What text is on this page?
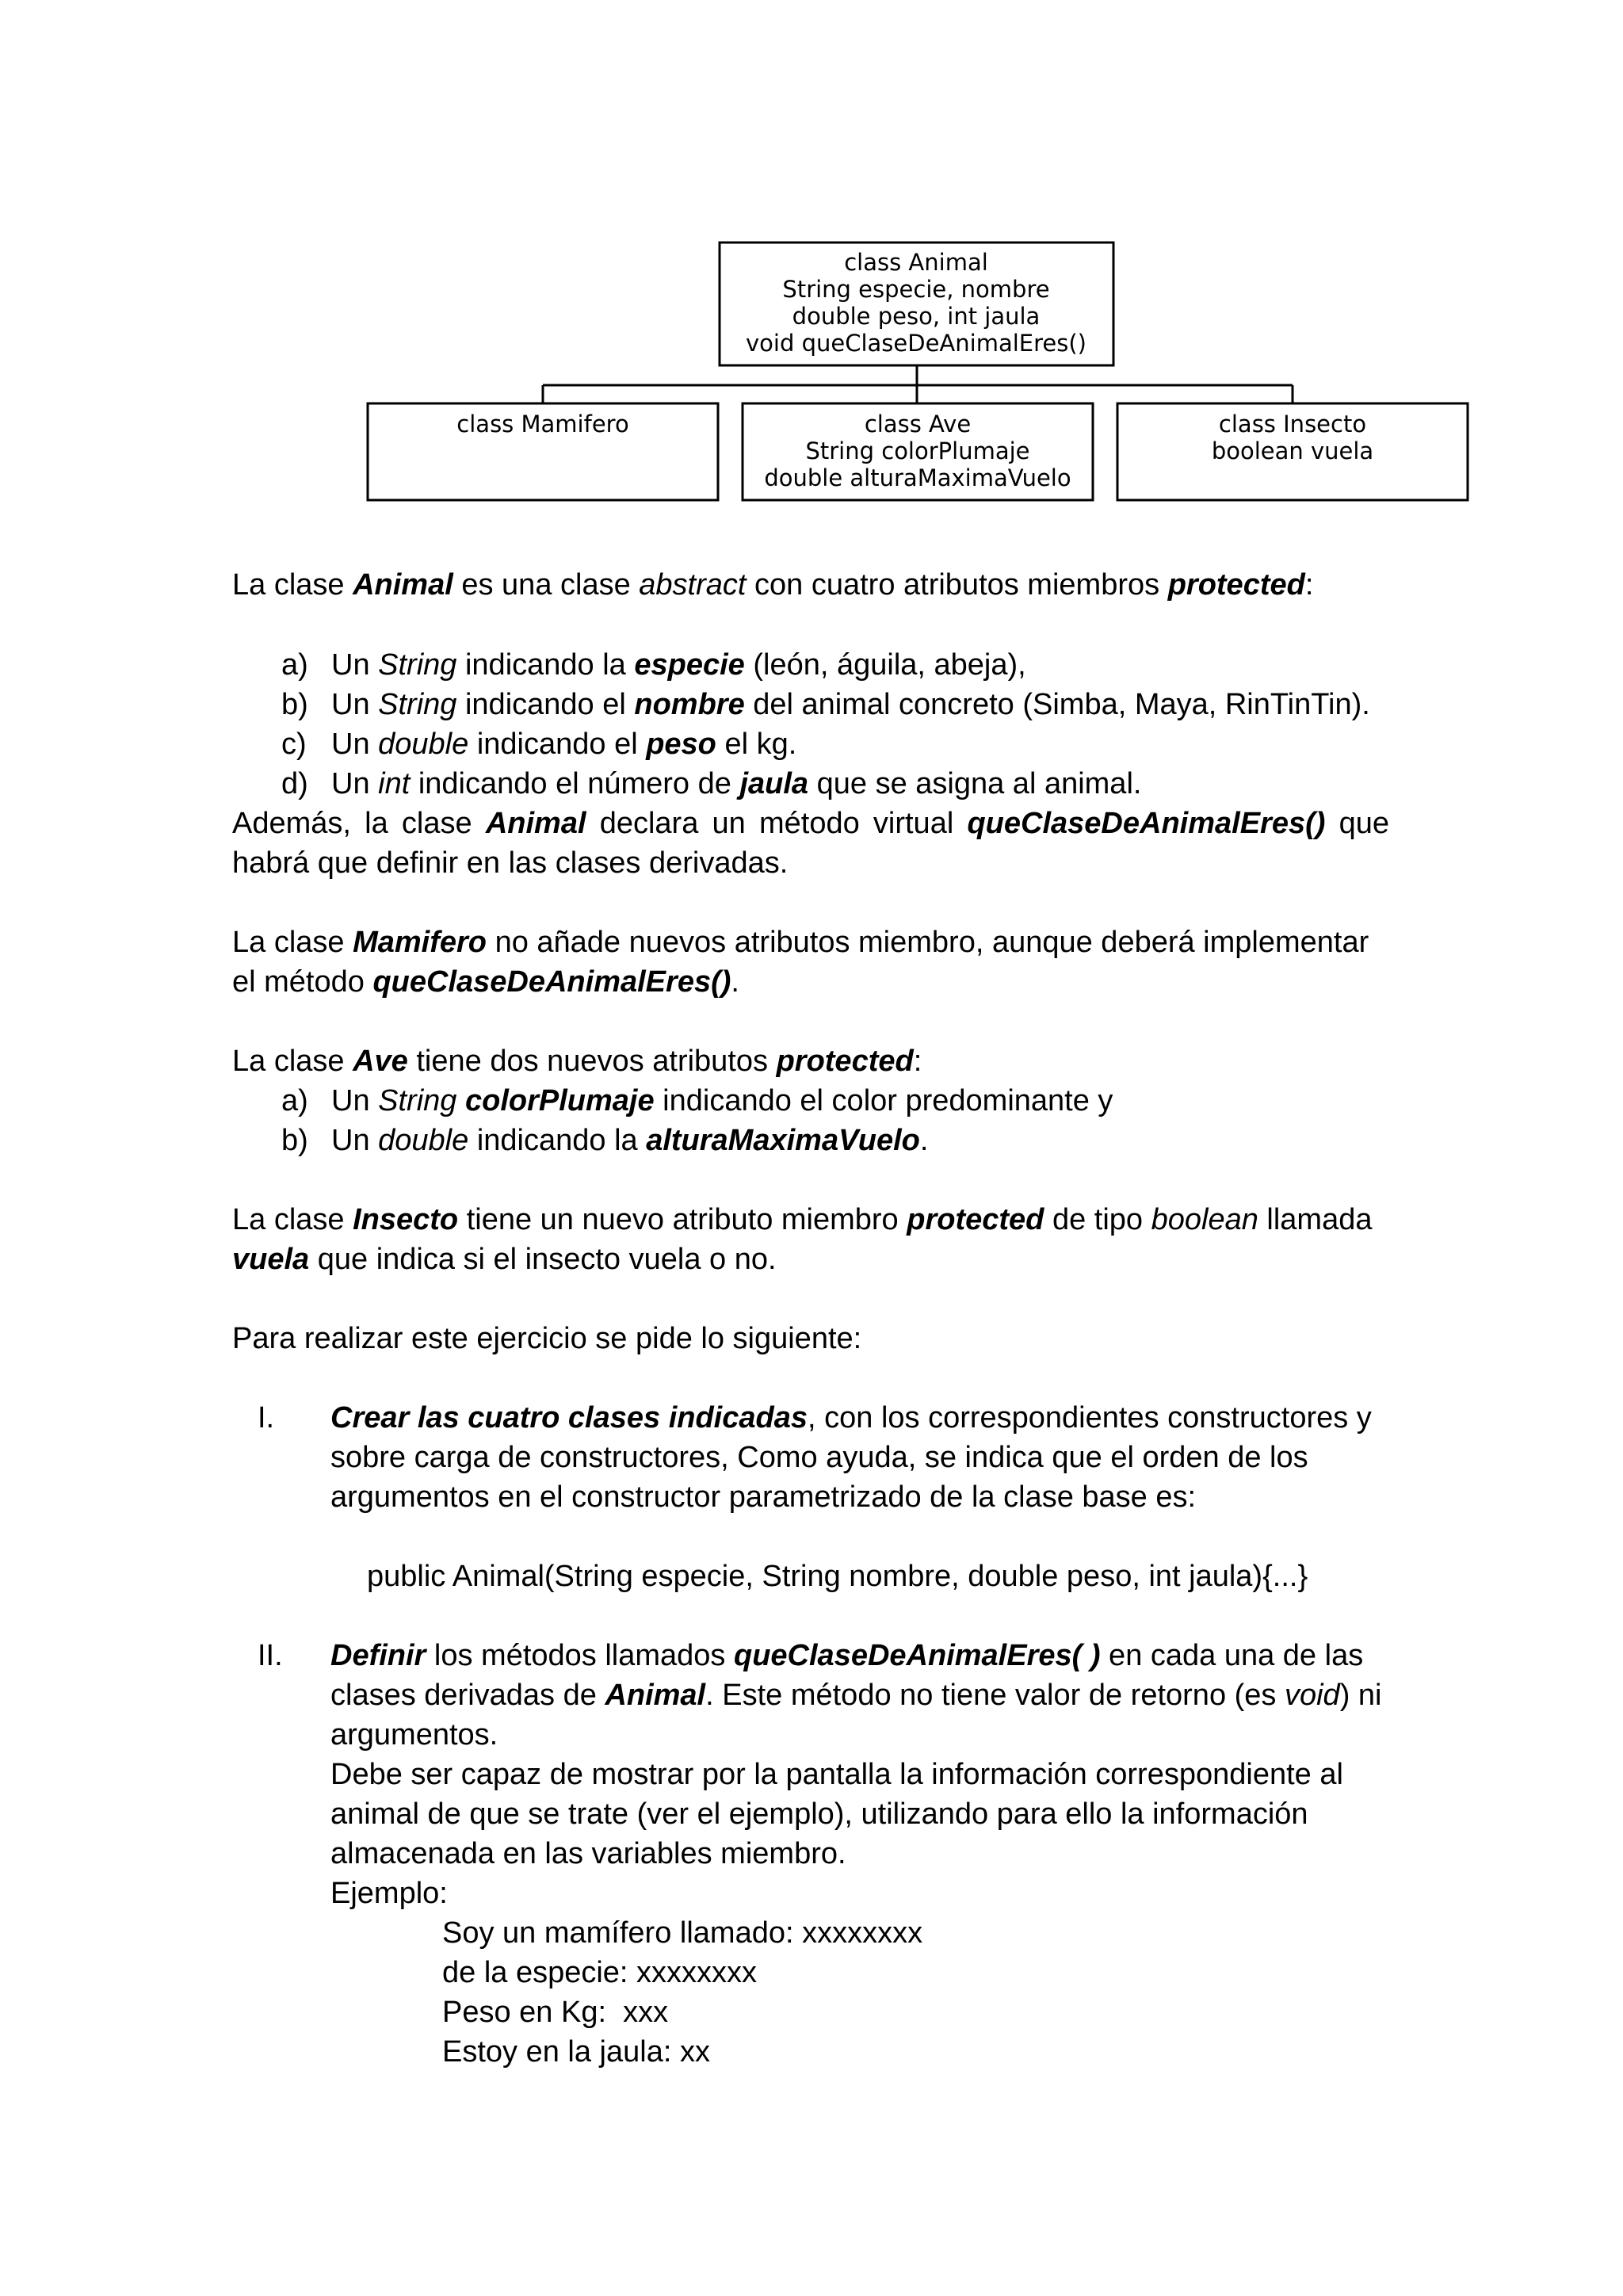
class Animal
String especie, nombre
double peso, int jaula
void queClaseDeAnimalEres()
class Mamifero	class Ave
String colorPlumaje
double alturaMaximaVuelo
class Insecto
boolean vuela

La clase Animal es una clase abstract con cuatro atributos miembros protected:

a) Un String indicando la especie (león, águila, abeja),
b) Un String indicando el nombre del animal concreto (Simba, Maya, RinTinTin).
c) Un double indicando el peso el kg.
d) Un int indicando el número de jaula que se asigna al animal.

Además, la clase Animal declara un método virtual queClaseDeAnimalEres() que habrá que definir en las clases derivadas.

La clase Mamifero no añade nuevos atributos miembro, aunque deberá implementar el método queClaseDeAnimalEres().

La clase Ave tiene dos nuevos atributos protected:

a) Un String colorPlumaje indicando el color predominante y
b) Un double indicando la alturaMaximaVuelo.

La clase Insecto tiene un nuevo atributo miembro protected de tipo boolean llamada vuela que indica si el insecto vuela o no.

Para realizar este ejercicio se pide lo siguiente:

I.	Crear las cuatro clases indicadas, con los correspondientes constructores y sobre carga de constructores, Como ayuda, se indica que el orden de los argumentos en el constructor parametrizado de la clase base es:
public Animal(String especie, String nombre, double peso, int jaula){...}
II.	Definir los métodos llamados queClaseDeAnimalEres( ) en cada una de las clases derivadas de Animal. Este método no tiene valor de retorno (es void) ni argumentos.
Debe ser capaz de mostrar por la pantalla la información correspondiente al animal de que se trate (ver el ejemplo), utilizando para ello la información almacenada en las variables miembro.
Ejemplo:
Soy un mamífero llamado: xxxxxxxx
de la especie: xxxxxxxx
Peso en Kg:  xxx
Estoy en la jaula: xx
